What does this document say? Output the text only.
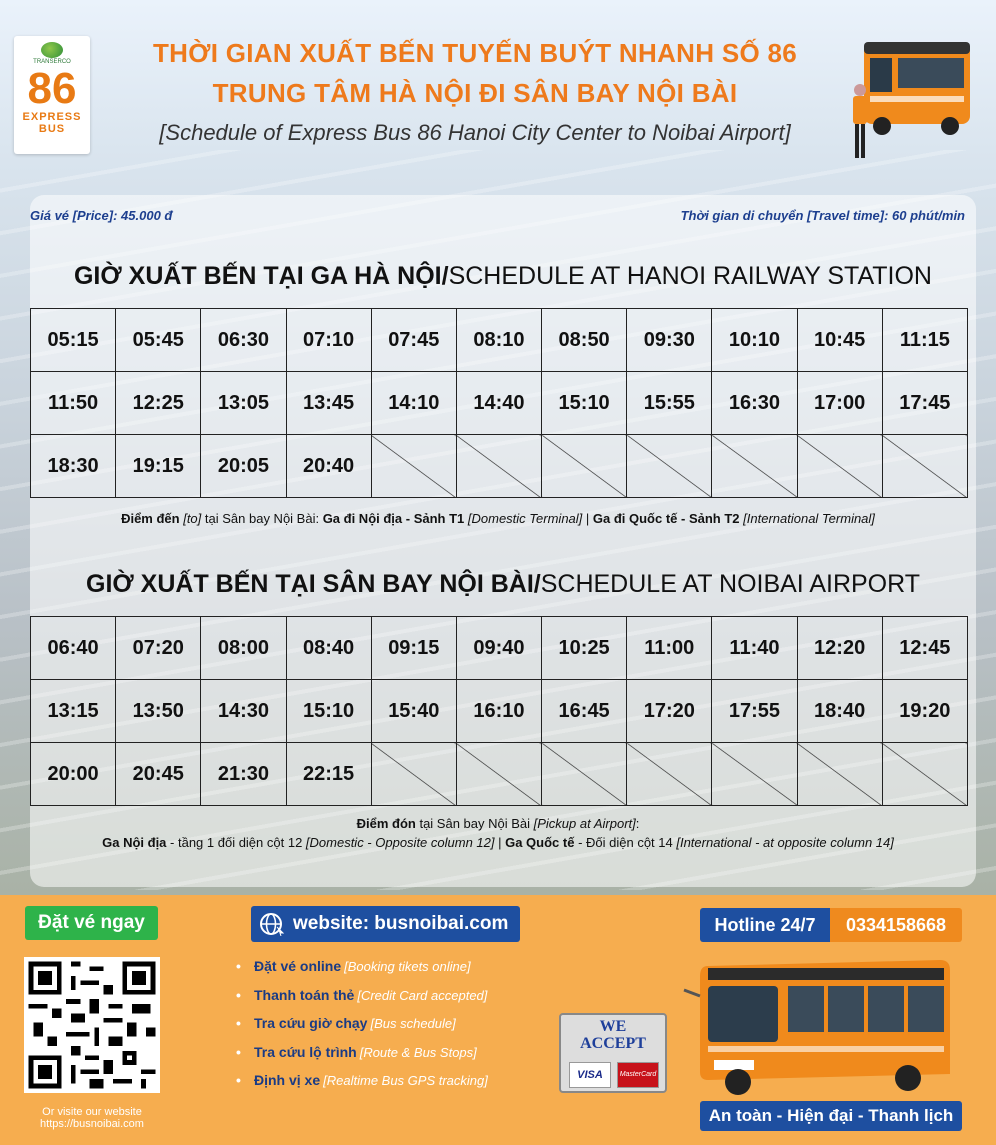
TRANSERCO
86
EXPRESS
BUS
THỜI GIAN XUẤT BẾN TUYẾN BUÝT NHANH SỐ 86
TRUNG TÂM HÀ NỘI ĐI SÂN BAY NỘI BÀI
[Schedule of Express Bus 86 Hanoi City Center to Noibai Airport]
Giá vé [Price]: 45.000 đ	Thời gian di chuyển [Travel time]: 60 phút/min
GIỜ XUẤT BẾN TẠI GA HÀ NỘI/SCHEDULE AT HANOI RAILWAY STATION
05:15	05:45	06:30	07:10	07:45	08:10	08:50	09:30	10:10	10:45	11:15
11:50	12:25	13:05	13:45	14:10	14:40	15:10	15:55	16:30	17:00	17:45
18:30	19:15	20:05	20:40							
Điểm đến [to] tại Sân bay Nội Bài: Ga đi Nội địa - Sảnh T1 [Domestic Terminal] | Ga đi Quốc tế - Sảnh T2 [International Terminal]
GIỜ XUẤT BẾN TẠI SÂN BAY NỘI BÀI/SCHEDULE AT NOIBAI AIRPORT
06:40	07:20	08:00	08:40	09:15	09:40	10:25	11:00	11:40	12:20	12:45
13:15	13:50	14:30	15:10	15:40	16:10	16:45	17:20	17:55	18:40	19:20
20:00	20:45	21:30	22:15							
Điểm đón tại Sân bay Nội Bài [Pickup at Airport]:
Ga Nội địa - tầng 1 đối diện cột 12 [Domestic - Opposite column 12] | Ga Quốc tế - Đối diện cột 14 [International - at opposite column 14]
Đặt vé ngay
Or visite our website
https://busnoibai.com
website: busnoibai.com
• Đặt vé online [Booking tikets online]
• Thanh toán thẻ [Credit Card accepted]
• Tra cứu giờ chạy [Bus schedule]
• Tra cứu lộ trình [Route & Bus Stops]
• Định vị xe [Realtime Bus GPS tracking]
WE
ACCEPT
VISA	MasterCard
Hotline 24/7	0334158668
An toàn - Hiện đại - Thanh lịch
